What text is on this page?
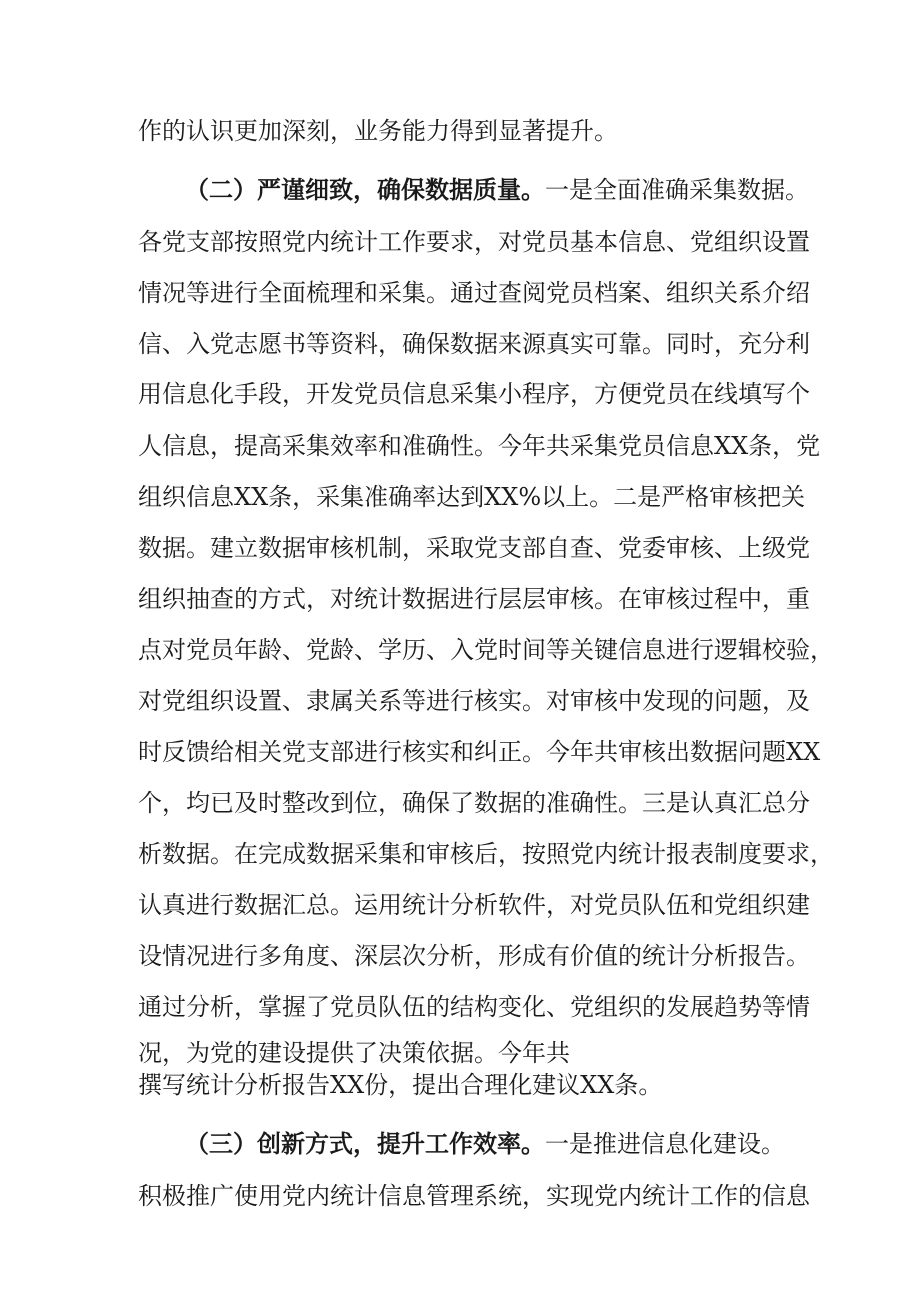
作的认识更加深刻，业务能力得到显著提升。
（二）严谨细致，确保数据质量。一是全面准确采集数据。
各党支部按照党内统计工作要求，对党员基本信息、党组织设置
情况等进行全面梳理和采集。通过查阅党员档案、组织关系介绍
信、入党志愿书等资料，确保数据来源真实可靠。同时，充分利
用信息化手段，开发党员信息采集小程序，方便党员在线填写个
人信息，提高采集效率和准确性。今年共采集党员信息XX条，党
组织信息XX条，采集准确率达到XX%以上。二是严格审核把关
数据。建立数据审核机制，采取党支部自查、党委审核、上级党
组织抽查的方式，对统计数据进行层层审核。在审核过程中，重
点对党员年龄、党龄、学历、入党时间等关键信息进行逻辑校验，
对党组织设置、隶属关系等进行核实。对审核中发现的问题，及
时反馈给相关党支部进行核实和纠正。今年共审核出数据问题XX
个，均已及时整改到位，确保了数据的准确性。三是认真汇总分
析数据。在完成数据采集和审核后，按照党内统计报表制度要求，
认真进行数据汇总。运用统计分析软件，对党员队伍和党组织建
设情况进行多角度、深层次分析，形成有价值的统计分析报告。
通过分析，掌握了党员队伍的结构变化、党组织的发展趋势等情
况，为党的建设提供了决策依据。今年共
撰写统计分析报告XX份，提出合理化建议XX条。
（三）创新方式，提升工作效率。一是推进信息化建设。
积极推广使用党内统计信息管理系统，实现党内统计工作的信息
